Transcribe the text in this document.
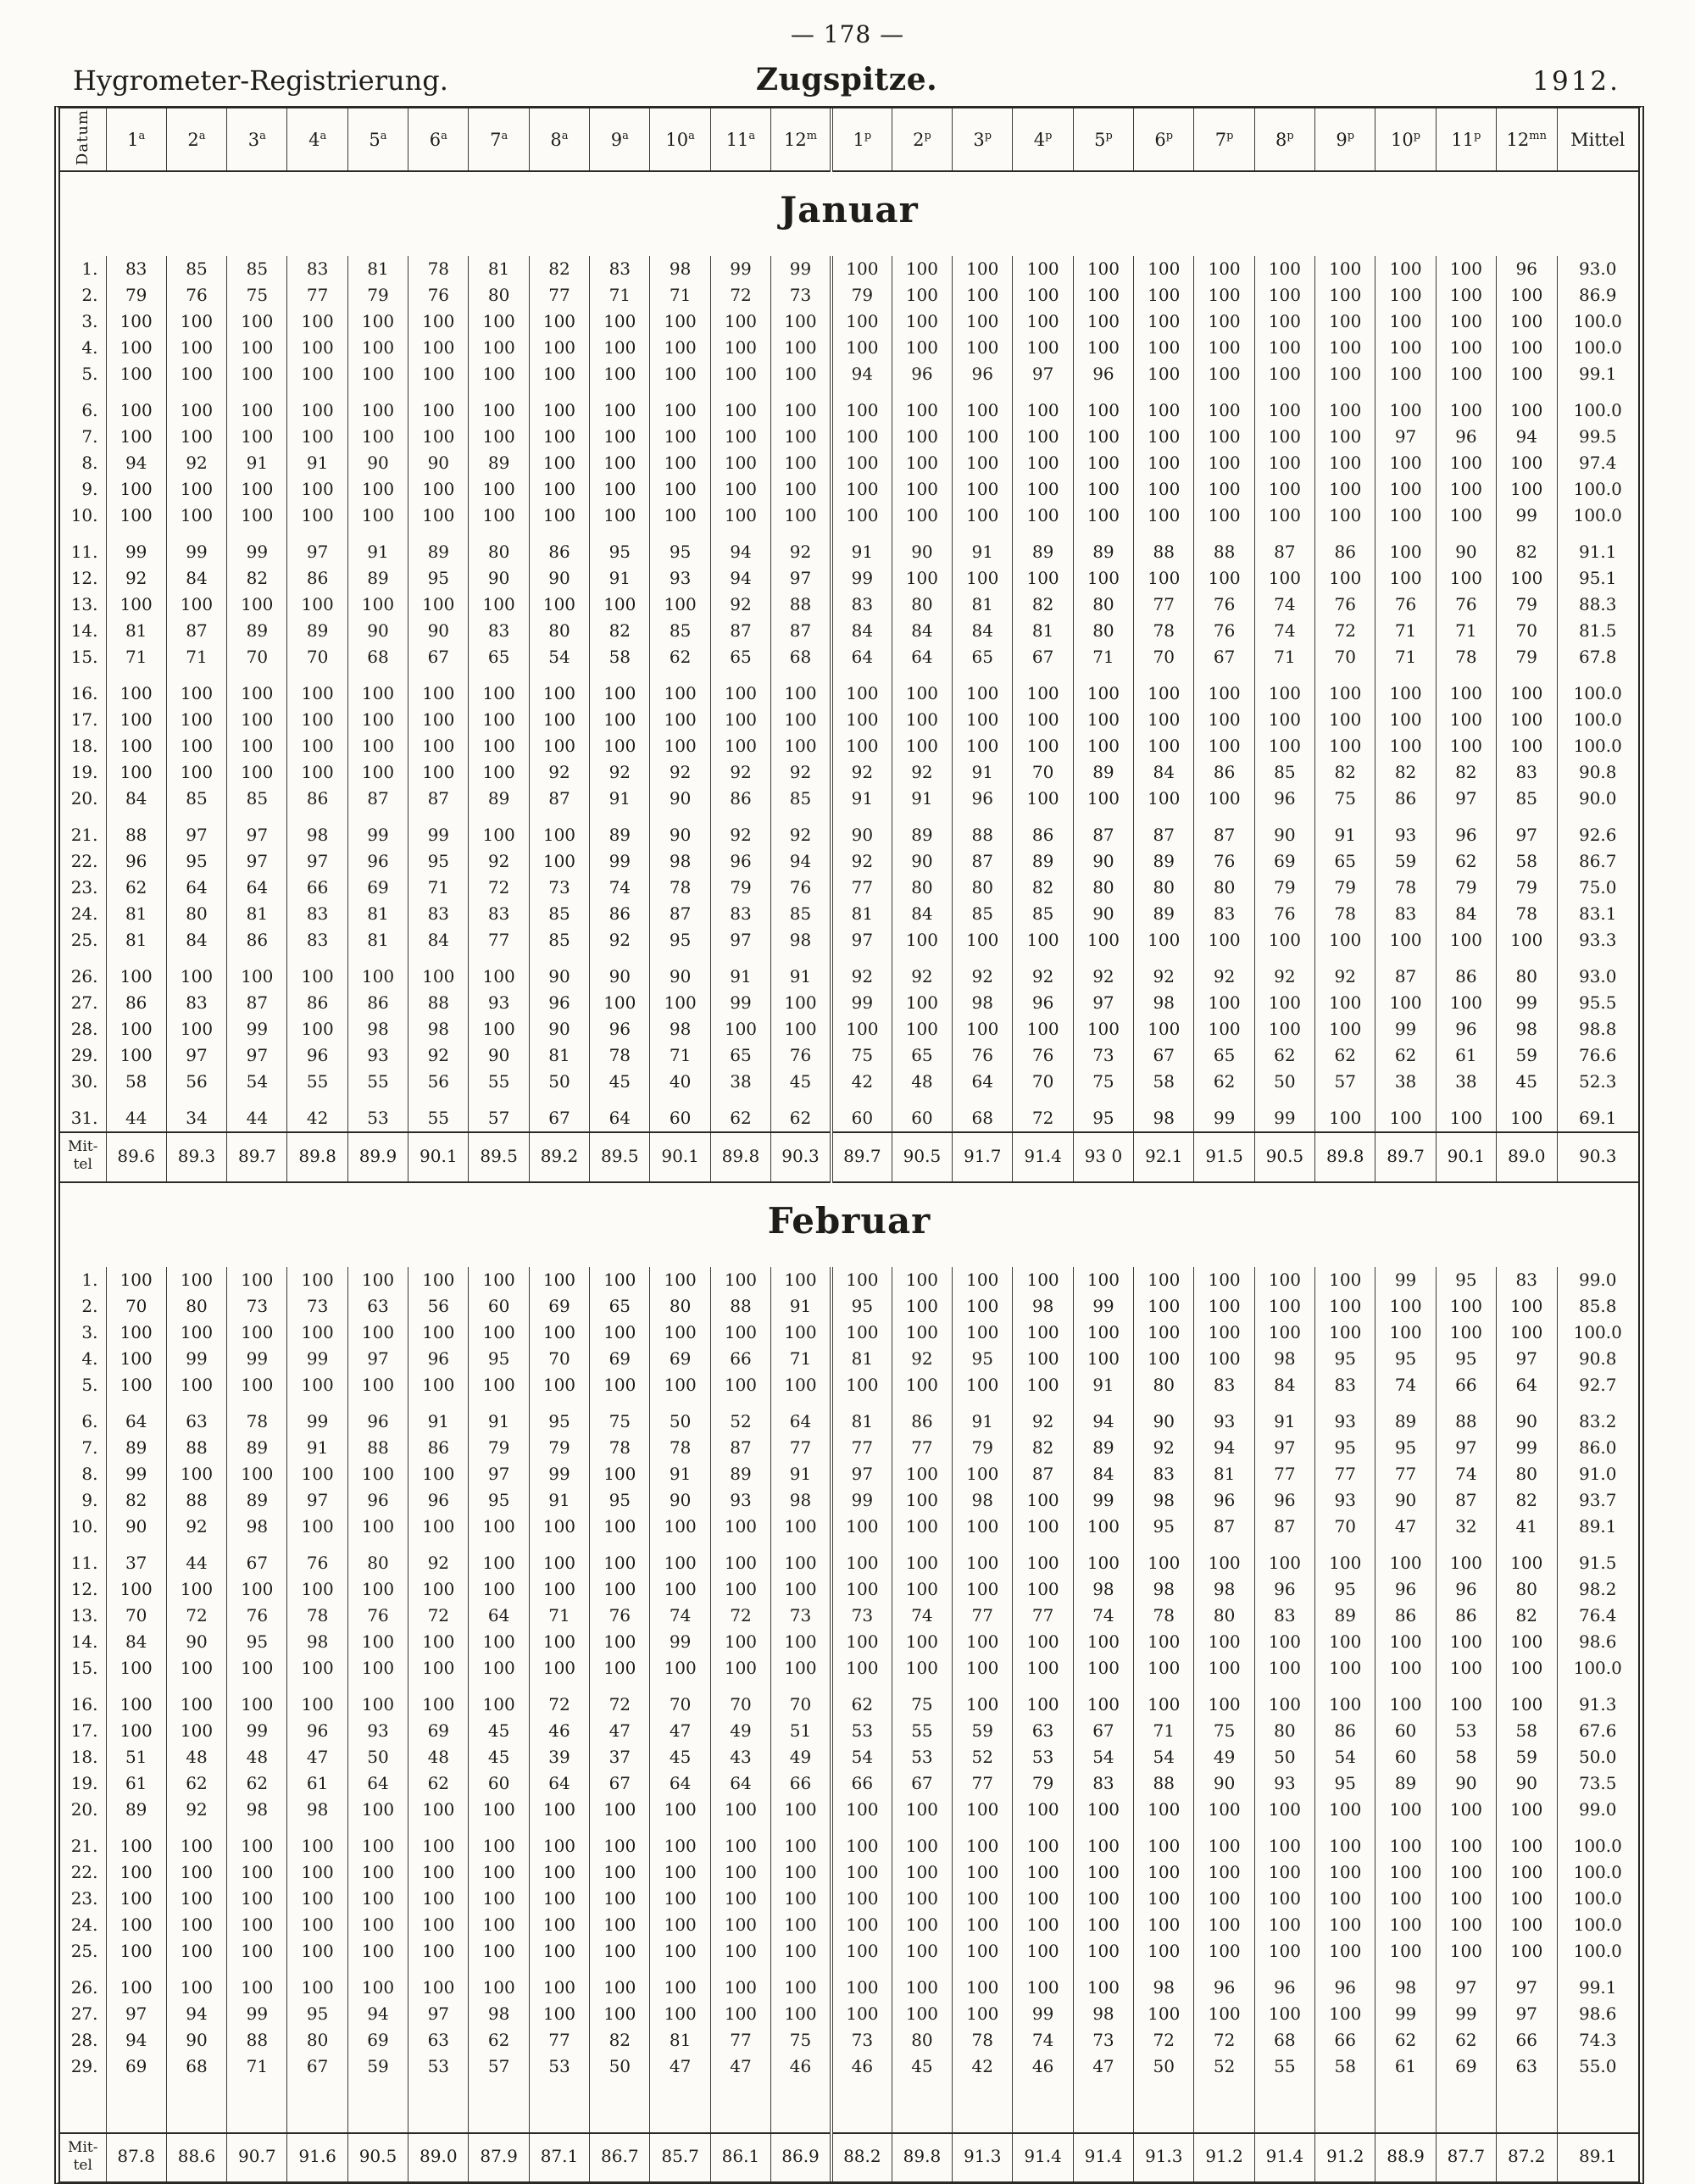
— 178 —
Hygrometer-Registrierung.	Zugspitze.	1912.
Datum	1$^a$	2$^a$	3$^a$	4$^a$	5$^a$	6$^a$	7$^a$	8$^a$	9$^a$	10$^a$	11$^a$	12$^m$	1$^p$	2$^p$	3$^p$	4$^p$	5$^p$	6$^p$	7$^p$	8$^p$	9$^p$	10$^p$	11$^p$	$12^{mn}$	Mittel
Januar																									
1.	83	85	85	83	81	78	81	82	83	98	99	99	100	100	100	100	100	100	100	100	100	100	100	96	93.0
2.	79	76	75	77	79	76	80	77	71	71	72	73	79	100	100	100	100	100	100	100	100	100	100	100	86.9
3.	100	100	100	100	100	100	100	100	100	100	100	100	100	100	100	100	100	100	100	100	100	100	100	100	100.0
4.	100	100	100	100	100	100	100	100	100	100	100	100	100	100	100	100	100	100	100	100	100	100	100	100	100.0
5.	100	100	100	100	100	100	100	100	100	100	100	100	94	96	96	97	96	100	100	100	100	100	100	100	99.1
6.	100	100	100	100	100	100	100	100	100	100	100	100	100	100	100	100	100	100	100	100	100	100	100	100	100.0
7.	100	100	100	100	100	100	100	100	100	100	100	100	100	100	100	100	100	100	100	100	100	97	96	94	99.5
8.	94	92	91	91	90	90	89	100	100	100	100	100	100	100	100	100	100	100	100	100	100	100	100	100	97.4
9.	100	100	100	100	100	100	100	100	100	100	100	100	100	100	100	100	100	100	100	100	100	100	100	100	100.0
10.	100	100	100	100	100	100	100	100	100	100	100	100	100	100	100	100	100	100	100	100	100	100	100	99	100.0
11.	99	99	99	97	91	89	80	86	95	95	94	92	91	90	91	89	89	88	88	87	86	100	90	82	91.1
12.	92	84	82	86	89	95	90	90	91	93	94	97	99	100	100	100	100	100	100	100	100	100	100	100	95.1
13.	100	100	100	100	100	100	100	100	100	100	92	88	83	80	81	82	80	77	76	74	76	76	76	79	88.3
14.	81	87	89	89	90	90	83	80	82	85	87	87	84	84	84	81	80	78	76	74	72	71	71	70	81.5
15.	71	71	70	70	68	67	65	54	58	62	65	68	64	64	65	67	71	70	67	71	70	71	78	79	67.8
16.	100	100	100	100	100	100	100	100	100	100	100	100	100	100	100	100	100	100	100	100	100	100	100	100	100.0
17.	100	100	100	100	100	100	100	100	100	100	100	100	100	100	100	100	100	100	100	100	100	100	100	100	100.0
18.	100	100	100	100	100	100	100	100	100	100	100	100	100	100	100	100	100	100	100	100	100	100	100	100	100.0
19.	100	100	100	100	100	100	100	92	92	92	92	92	92	92	91	70	89	84	86	85	82	82	82	83	90.8
20.	84	85	85	86	87	87	89	87	91	90	86	85	91	91	96	100	100	100	100	96	75	86	97	85	90.0
21.	88	97	97	98	99	99	100	100	89	90	92	92	90	89	88	86	87	87	87	90	91	93	96	97	92.6
22.	96	95	97	97	96	95	92	100	99	98	96	94	92	90	87	89	90	89	76	69	65	59	62	58	86.7
23.	62	64	64	66	69	71	72	73	74	78	79	76	77	80	80	82	80	80	80	79	79	78	79	79	75.0
24.	81	80	81	83	81	83	83	85	86	87	83	85	81	84	85	85	90	89	83	76	78	83	84	78	83.1
25.	81	84	86	83	81	84	77	85	92	95	97	98	97	100	100	100	100	100	100	100	100	100	100	100	93.3
26.	100	100	100	100	100	100	100	90	90	90	91	91	92	92	92	92	92	92	92	92	92	87	86	80	93.0
27.	86	83	87	86	86	88	93	96	100	100	99	100	99	100	98	96	97	98	100	100	100	100	100	99	95.5
28.	100	100	99	100	98	98	100	90	96	98	100	100	100	100	100	100	100	100	100	100	100	99	96	98	98.8
29.	100	97	97	96	93	92	90	81	78	71	65	76	75	65	76	76	73	67	65	62	62	62	61	59	76.6
30.	58	56	54	55	55	56	55	50	45	40	38	45	42	48	64	70	75	58	62	50	57	38	38	45	52.3
31.	44	34	44	42	53	55	57	67	64	60	62	62	60	60	68	72	95	98	99	99	100	100	100	100	69.1

Mit-
tel	89.6	89.3	89.7	89.8	89.9	90.1	89.5	89.2	89.5	90.1	89.8	90.3	89.7	90.5	91.7	91.4	93 0	92.1	91.5	90.5	89.8	89.7	90.1	89.0	90.3
Februar																									
1.	100	100	100	100	100	100	100	100	100	100	100	100	100	100	100	100	100	100	100	100	100	99	95	83	99.0
2.	70	80	73	73	63	56	60	69	65	80	88	91	95	100	100	98	99	100	100	100	100	100	100	100	85.8
3.	100	100	100	100	100	100	100	100	100	100	100	100	100	100	100	100	100	100	100	100	100	100	100	100	100.0
4.	100	99	99	99	97	96	95	70	69	69	66	71	81	92	95	100	100	100	100	98	95	95	95	97	90.8
5.	100	100	100	100	100	100	100	100	100	100	100	100	100	100	100	100	91	80	83	84	83	74	66	64	92.7
6.	64	63	78	99	96	91	91	95	75	50	52	64	81	86	91	92	94	90	93	91	93	89	88	90	83.2
7.	89	88	89	91	88	86	79	79	78	78	87	77	77	77	79	82	89	92	94	97	95	95	97	99	86.0
8.	99	100	100	100	100	100	97	99	100	91	89	91	97	100	100	87	84	83	81	77	77	77	74	80	91.0
9.	82	88	89	97	96	96	95	91	95	90	93	98	99	100	98	100	99	98	96	96	93	90	87	82	93.7
10.	90	92	98	100	100	100	100	100	100	100	100	100	100	100	100	100	100	95	87	87	70	47	32	41	89.1
11.	37	44	67	76	80	92	100	100	100	100	100	100	100	100	100	100	100	100	100	100	100	100	100	100	91.5
12.	100	100	100	100	100	100	100	100	100	100	100	100	100	100	100	100	98	98	98	96	95	96	96	80	98.2
13.	70	72	76	78	76	72	64	71	76	74	72	73	73	74	77	77	74	78	80	83	89	86	86	82	76.4
14.	84	90	95	98	100	100	100	100	100	99	100	100	100	100	100	100	100	100	100	100	100	100	100	100	98.6
15.	100	100	100	100	100	100	100	100	100	100	100	100	100	100	100	100	100	100	100	100	100	100	100	100	100.0
16.	100	100	100	100	100	100	100	72	72	70	70	70	62	75	100	100	100	100	100	100	100	100	100	100	91.3
17.	100	100	99	96	93	69	45	46	47	47	49	51	53	55	59	63	67	71	75	80	86	60	53	58	67.6
18.	51	48	48	47	50	48	45	39	37	45	43	49	54	53	52	53	54	54	49	50	54	60	58	59	50.0
19.	61	62	62	61	64	62	60	64	67	64	64	66	66	67	77	79	83	88	90	93	95	89	90	90	73.5
20.	89	92	98	98	100	100	100	100	100	100	100	100	100	100	100	100	100	100	100	100	100	100	100	100	99.0
21.	100	100	100	100	100	100	100	100	100	100	100	100	100	100	100	100	100	100	100	100	100	100	100	100	100.0
22.	100	100	100	100	100	100	100	100	100	100	100	100	100	100	100	100	100	100	100	100	100	100	100	100	100.0
23.	100	100	100	100	100	100	100	100	100	100	100	100	100	100	100	100	100	100	100	100	100	100	100	100	100.0
24.	100	100	100	100	100	100	100	100	100	100	100	100	100	100	100	100	100	100	100	100	100	100	100	100	100.0
25.	100	100	100	100	100	100	100	100	100	100	100	100	100	100	100	100	100	100	100	100	100	100	100	100	100.0
26.	100	100	100	100	100	100	100	100	100	100	100	100	100	100	100	100	100	98	96	96	96	98	97	97	99.1
27.	97	94	99	95	94	97	98	100	100	100	100	100	100	100	100	99	98	100	100	100	100	99	99	97	98.6
28.	94	90	88	80	69	63	62	77	82	81	77	75	73	80	78	74	73	72	72	68	66	62	62	66	74.3
29.	69	68	71	67	59	53	57	53	50	47	47	46	46	45	42	46	47	50	52	55	58	61	69	63	55.0

Mit-
tel	87.8	88.6	90.7	91.6	90.5	89.0	87.9	87.1	86.7	85.7	86.1	86.9	88.2	89.8	91.3	91.4	91.4	91.3	91.2	91.4	91.2	88.9	87.7	87.2	89.1
